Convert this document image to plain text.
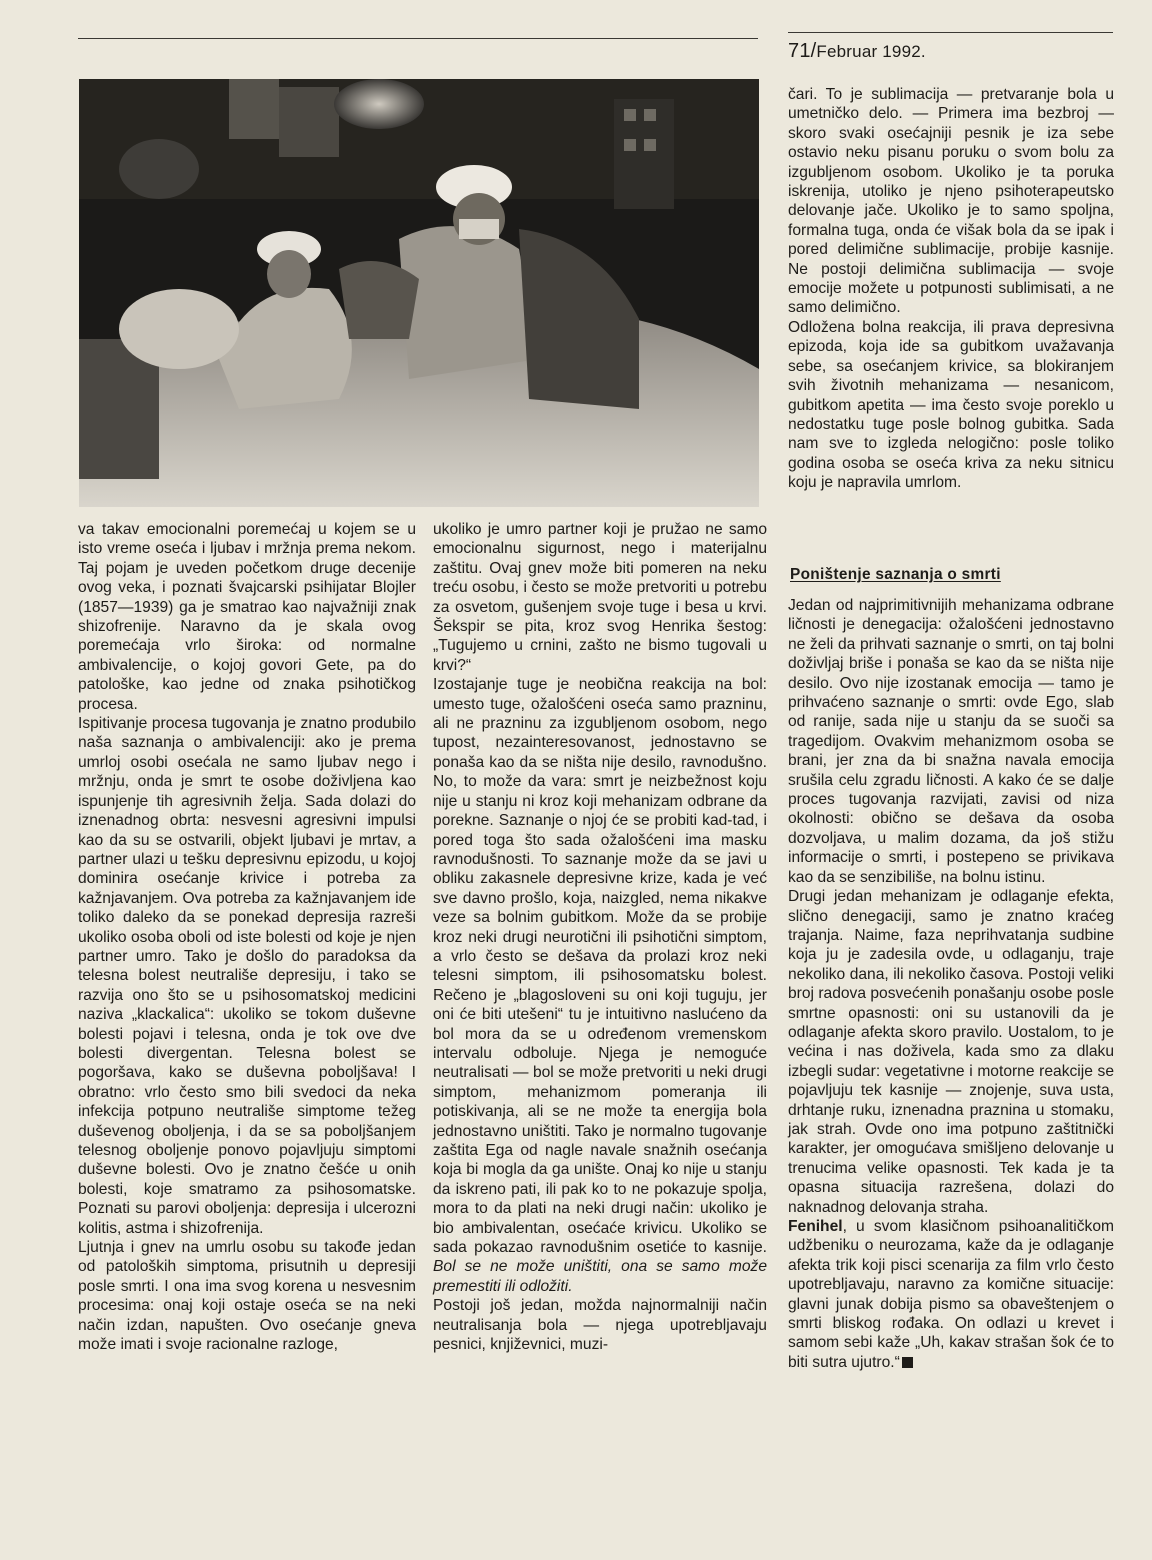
71/Februar 1992.

va takav emocionalni poremećaj u kojem se u isto vreme oseća i ljubav i mržnja prema nekom. Taj pojam je uveden početkom druge decenije ovog veka, i poznati švajcarski psihijatar Blojler (1857—1939) ga je smatrao kao najvažniji znak shizofrenije. Naravno da je skala ovog poremećaja vrlo široka: od normalne ambivalencije, o kojoj govori Gete, pa do patološke, kao jedne od znaka psihotičkog procesa.

Ispitivanje procesa tugovanja je znatno produbilo naša saznanja o ambivalenciji: ako je prema umrloj osobi osećala ne samo ljubav nego i mržnju, onda je smrt te osobe doživljena kao ispunjenje tih agresivnih želja. Sada dolazi do iznenadnog obrta: nesvesni agresivni impulsi kao da su se ostvarili, objekt ljubavi je mrtav, a partner ulazi u tešku depresivnu epizodu, u kojoj dominira osećanje krivice i potreba za kažnjavanjem. Ova potreba za kažnjavanjem ide toliko daleko da se ponekad depresija razreši ukoliko osoba oboli od iste bolesti od koje je njen partner umro. Tako je došlo do paradoksa da telesna bolest neutrališe depresiju, i tako se razvija ono što se u psihosomatskoj medicini naziva „klackalica“: ukoliko se tokom duševne bolesti pojavi i telesna, onda je tok ove dve bolesti divergentan. Telesna bolest se pogoršava, kako se duševna poboljšava! I obratno: vrlo često smo bili svedoci da neka infekcija potpuno neutrališe simptome težeg duševenog oboljenja, i da se sa poboljšanjem telesnog oboljenje ponovo pojavljuju simptomi duševne bolesti. Ovo je znatno češće u onih bolesti, koje smatramo za psihosomatske. Poznati su parovi oboljenja: depresija i ulcerozni kolitis, astma i shizofrenija.

Ljutnja i gnev na umrlu osobu su takođe jedan od patoloških simptoma, prisutnih u depresiji posle smrti. I ona ima svog korena u nesvesnim procesima: onaj koji ostaje oseća se na neki način izdan, napušten. Ovo osećanje gneva može imati i svoje racionalne razloge,

ukoliko je umro partner koji je pružao ne samo emocionalnu sigurnost, nego i materijalnu zaštitu. Ovaj gnev može biti pomeren na neku treću osobu, i često se može pretvoriti u potrebu za osvetom, gušenjem svoje tuge i besa u krvi. Šekspir se pita, kroz svog Henrika šestog: „Tugujemo u crnini, zašto ne bismo tugovali u krvi?“

Izostajanje tuge je neobična reakcija na bol: umesto tuge, ožalošćeni oseća samo prazninu, ali ne prazninu za izgubljenom osobom, nego tupost, nezainteresovanost, jednostavno se ponaša kao da se ništa nije desilo, ravnodušno. No, to može da vara: smrt je neizbežnost koju nije u stanju ni kroz koji mehanizam odbrane da porekne. Saznanje o njoj će se probiti kad-tad, i pored toga što sada ožalošćeni ima masku ravnodušnosti. To saznanje može da se javi u obliku zakasnele depresivne krize, kada je već sve davno prošlo, koja, naizgled, nema nikakve veze sa bolnim gubitkom. Može da se probije kroz neki drugi neurotični ili psihotični simptom, a vrlo često se dešava da prolazi kroz neki telesni simptom, ili psihosomatsku bolest. Rečeno je „blagosloveni su oni koji tuguju, jer oni će biti utešeni“ tu je intuitivno naslućeno da bol mora da se u određenom vremenskom intervalu odboluje. Njega je nemoguće neutralisati — bol se može pretvoriti u neki drugi simptom, mehanizmom pomeranja ili potiskivanja, ali se ne može ta energija bola jednostavno uništiti. Tako je normalno tugovanje zaštita Ega od nagle navale snažnih osećanja koja bi mogla da ga unište. Onaj ko nije u stanju da iskreno pati, ili pak ko to ne pokazuje spolja, mora to da plati na neki drugi način: ukoliko je bio ambivalentan, osećaće krivicu. Ukoliko se sada pokazao ravnodušnim osetiće to kasnije. Bol se ne može uništiti, ona se samo može premestiti ili odložiti.

Postoji još jedan, možda najnormalniji način neutralisanja bola — njega upotrebljavaju pesnici, književnici, muzi-

čari. To je sublimacija — pretvaranje bola u umetničko delo. — Primera ima bezbroj — skoro svaki osećajniji pesnik je iza sebe ostavio neku pisanu poruku o svom bolu za izgubljenom osobom. Ukoliko je ta poruka iskrenija, utoliko je njeno psihoterapeutsko delovanje jače. Ukoliko je to samo spoljna, formalna tuga, onda će višak bola da se ipak i pored delimične sublimacije, probije kasnije. Ne postoji delimična sublimacija — svoje emocije možete u potpunosti sublimisati, a ne samo delimično.

Odložena bolna reakcija, ili prava depresivna epizoda, koja ide sa gubitkom uvažavanja sebe, sa osećanjem krivice, sa blokiranjem svih životnih mehanizama — nesanicom, gubitkom apetita — ima često svoje poreklo u nedostatku tuge posle bolnog gubitka. Sada nam sve to izgleda nelogično: posle toliko godina osoba se oseća kriva za neku sitnicu koju je napravila umrlom.

Poništenje saznanja o smrti

Jedan od najprimitivnijih mehanizama odbrane ličnosti je denegacija: ožalošćeni jednostavno ne želi da prihvati saznanje o smrti, on taj bolni doživljaj briše i ponaša se kao da se ništa nije desilo. Ovo nije izostanak emocija — tamo je prihvaćeno saznanje o smrti: ovde Ego, slab od ranije, sada nije u stanju da se suoči sa tragedijom. Ovakvim mehanizmom osoba se brani, jer zna da bi snažna navala emocija srušila celu zgradu ličnosti. A kako će se dalje proces tugovanja razvijati, zavisi od niza okolnosti: obično se dešava da osoba dozvoljava, u malim dozama, da još stižu informacije o smrti, i postepeno se privikava kao da se senzibiliše, na bolnu istinu.

Drugi jedan mehanizam je odlaganje efekta, slično denegaciji, samo je znatno kraćeg trajanja. Naime, faza neprihvatanja sudbine koja ju je zadesila ovde, u odlaganju, traje nekoliko dana, ili nekoliko časova. Postoji veliki broj radova posvećenih ponašanju osobe posle smrtne opasnosti: oni su ustanovili da je odlaganje afekta skoro pravilo. Uostalom, to je većina i nas doživela, kada smo za dlaku izbegli sudar: vegetativne i motorne reakcije se pojavljuju tek kasnije — znojenje, suva usta, drhtanje ruku, iznenadna praznina u stomaku, jak strah. Ovde ono ima potpuno zaštitnički karakter, jer omogućava smišljeno delovanje u trenucima velike opasnosti. Tek kada je ta opasna situacija razrešena, dolazi do naknadnog delovanja straha.

Fenihel, u svom klasičnom psihoanalitičkom udžbeniku o neurozama, kaže da je odlaganje afekta trik koji pisci scenarija za film vrlo često upotrebljavaju, naravno za komične situacije: glavni junak dobija pismo sa obaveštenjem o smrti bliskog rođaka. On odlazi u krevet i samom sebi kaže „Uh, kakav strašan šok će to biti sutra ujutro.“
